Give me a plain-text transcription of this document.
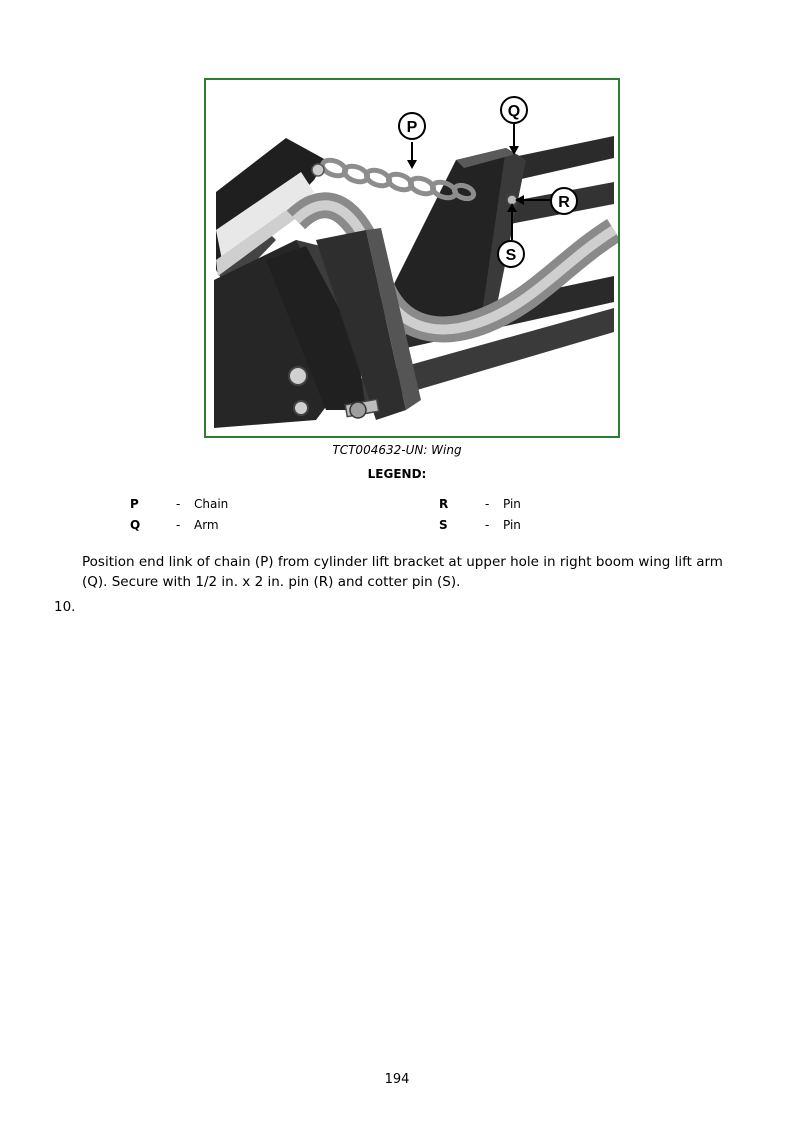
P
Q
R
S
TCT004632-UN: Wing
LEGEND:
P	- Chain
Q	- Arm
R	- Pin
S	- Pin
Position end link of chain (P) from cylinder lift bracket at upper hole in right boom wing lift arm (Q). Secure with 1/2 in. x 2 in. pin (R) and cotter pin (S).
10.
194
